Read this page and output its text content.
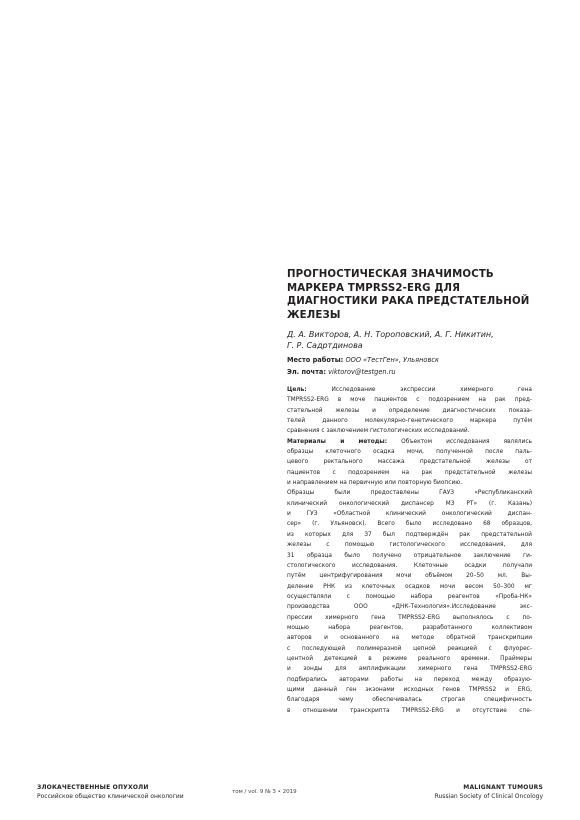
ПРОГНОСТИЧЕСКАЯ ЗНАЧИМОСТЬ
МАРКЕРА TMPRSS2-ERG ДЛЯ
ДИАГНОСТИКИ РАКА ПРЕДСТАТЕЛЬНОЙ
ЖЕЛЕЗЫ

Д. А. Викторов, А. Н. Тороповский, А. Г. Никитин,
Г. Р. Садртдинова

Место работы: ООО «ТестГен», Ульяновск

Эл. почта: viktorov@testgen.ru

Цель: Исследование экспрессии химерного гена
TMPRSS2-ERG в моче пациентов с подозрением на рак пред-
стательной железы и определение диагностических показа-
телей данного молекулярно-генетического маркера путём
сравнения с заключением гистологических исследований.
Материалы и методы: Объектом исследования являлись
образцы клеточного осадка мочи, полученной после паль-
цевого ректального массажа предстательной железы от
пациентов с подозрением на рак предстательной железы
и направлением на первичную или повторную биопсию.
Образцы были предоставлены ГАУЗ «Республиканский
клинический онкологический диспансер МЗ РТ» (г. Казань)
и ГУЗ «Областной клинический онкологический диспан-
сер» (г. Ульяновск). Всего было исследовано 68 образцов,
из которых для 37 был подтверждён рак предстательной
железы с помощью гистологического исследования, для
31 образца было получено отрицательное заключение ги-
стологического исследования. Клеточные осадки получали
путём центрифугирования мочи объёмом 20–50 мл. Вы-
деление РНК из клеточных осадков мочи весом 50–300 мг
осуществляли с помощью набора реагентов «Проба-НК»
производства ООО «ДНК-Технология».Исследование экс-
прессии химерного гена TMPRSS2-ERG выполнялось с по-
мощью набора реагентов, разработанного коллективом
авторов и основанного на методе обратной транскрипции
с последующей полимеразной цепной реакцией с флуорес-
центной детекцией в режиме реального времени. Праймеры
и зонды для амплификации химерного гена TMPRSS2-ERG
подбирались авторами работы на переход между образую-
щими данный ген экзонами исходных генов TMPRSS2 и ERG,
благодаря чему обеспечивалась строгая специфичность
в отношении транскрипта TMPRSS2-ERG и отсутствие спе-
ЗЛОКАЧЕСТВЕННЫЕ ОПУХОЛИ
Российское общество клинической онкологии
том / vol. 9 № 3 • 2019
MALIGNANT TUMOURS
Russian Society of Clinical Oncology
